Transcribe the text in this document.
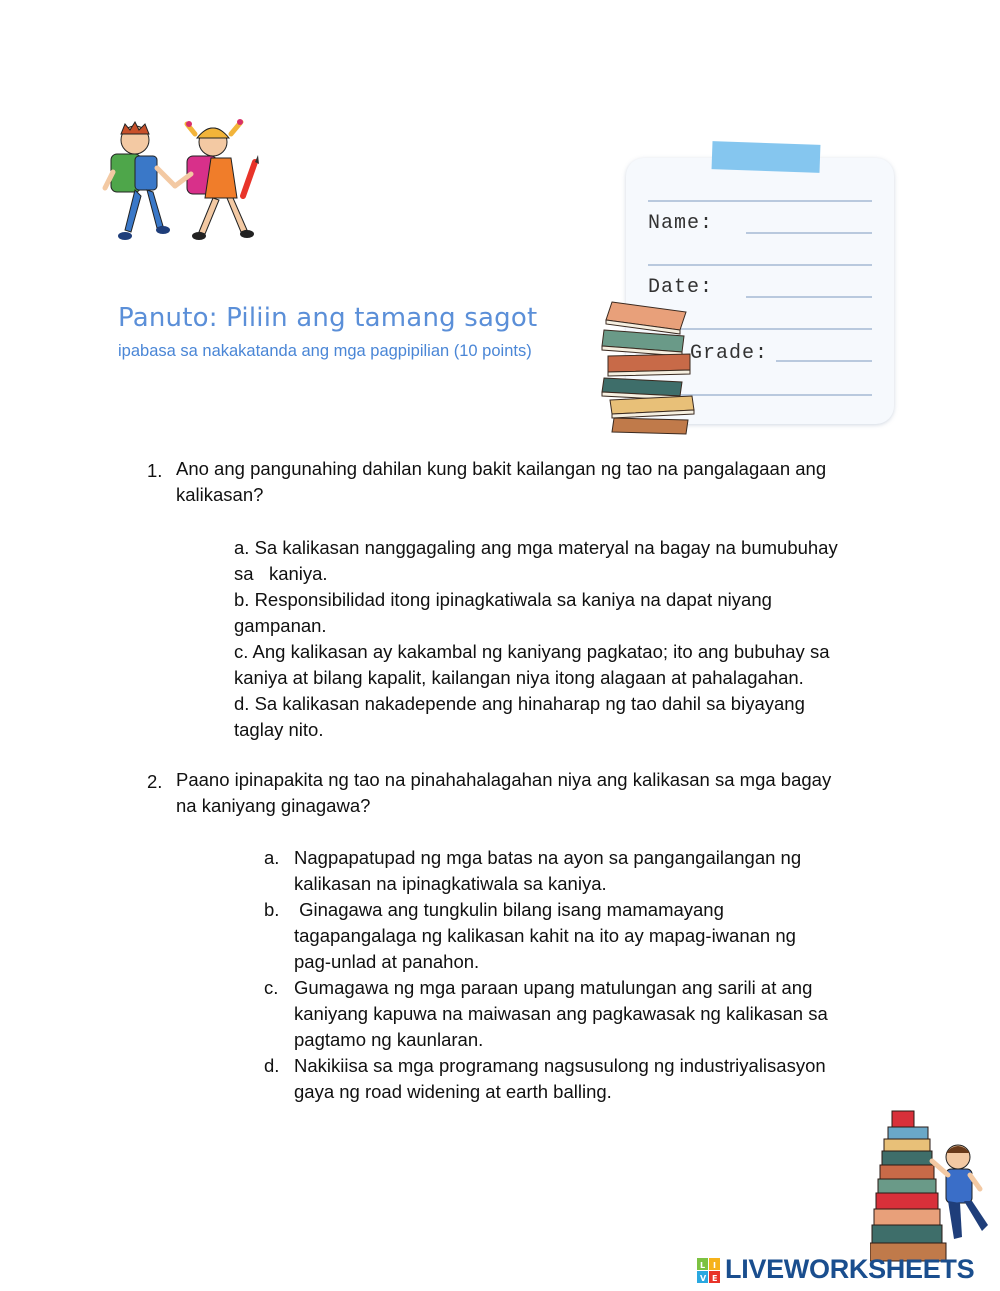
Panuto: Piliin ang tamang sagot
ipabasa sa nakakatanda ang mga pagpipilian (10 points)
Name:
Date:
Grade:
1. Ano ang pangunahing dahilan kung bakit kailangan ng tao na pangalagaan ang
kalikasan?
a. Sa kalikasan nanggagaling ang mga materyal na bagay na bumubuhay
sa   kaniya.
b. Responsibilidad itong ipinagkatiwala sa kaniya na dapat niyang
gampanan.
c. Ang kalikasan ay kakambal ng kaniyang pagkatao; ito ang bubuhay sa
kaniya at bilang kapalit, kailangan niya itong alagaan at pahalagahan.
d. Sa kalikasan nakadepende ang hinaharap ng tao dahil sa biyayang
taglay nito.
2. Paano ipinapakita ng tao na pinahahalagahan niya ang kalikasan sa mga bagay
na kaniyang ginagawa?
a. Nagpapatupad ng mga batas na ayon sa pangangailangan ng
kalikasan na ipinagkatiwala sa kaniya.
b. Ginagawa ang tungkulin bilang isang mamamayang
tagapangalaga ng kalikasan kahit na ito ay mapag-iwanan ng
pag-unlad at panahon.
c. Gumagawa ng mga paraan upang matulungan ang sarili at ang
kaniyang kapuwa na maiwasan ang pagkawasak ng kalikasan sa
pagtamo ng kaunlaran.
d. Nakikiisa sa mga programang nagsusulong ng industriyalisasyon
gaya ng road widening at earth balling.
L I
V E LIVEWORKSHEETS
